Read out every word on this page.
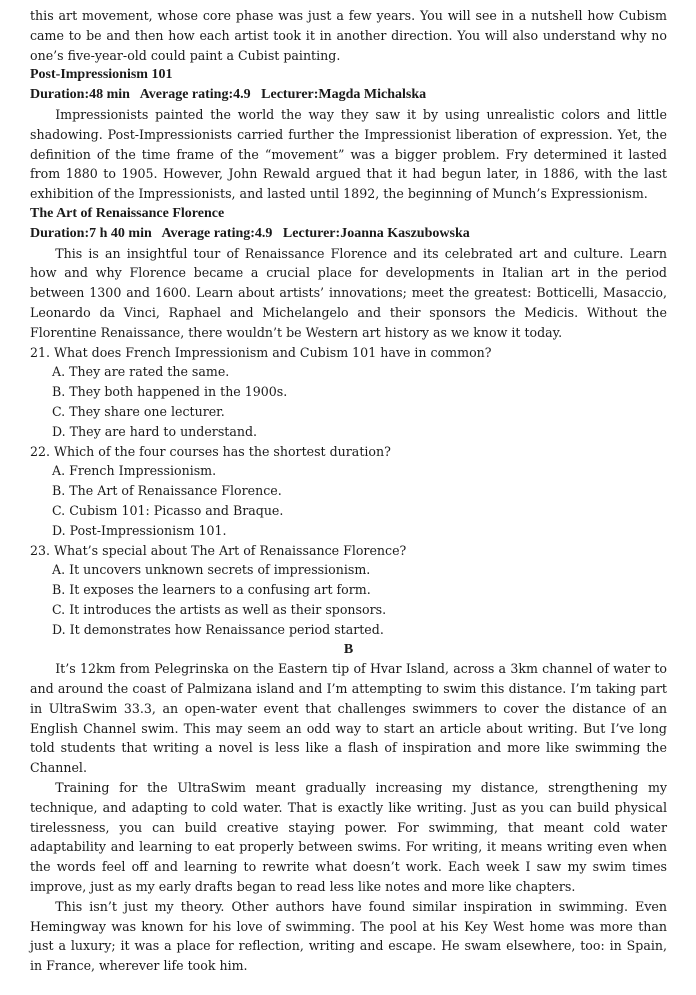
this art movement, whose core phase was just a few years. You will see in a nutshell how Cubism came to be and then how each artist took it in another direction. You will also understand why no one’s five-year-old could paint a Cubist painting.

Post-Impressionism 101
Duration:48 min Average rating:4.9 Lecturer:Magda Michalska

Impressionists painted the world the way they saw it by using unrealistic colors and little shadowing. Post-Impressionists carried further the Impressionist liberation of expression. Yet, the definition of the time frame of the “movement” was a bigger problem. Fry determined it lasted from 1880 to 1905. However, John Rewald argued that it had begun later, in 1886, with the last exhibition of the Impressionists, and lasted until 1892, the beginning of Munch’s Expressionism.

The Art of Renaissance Florence
Duration:7 h 40 min Average rating:4.9 Lecturer:Joanna Kaszubowska

This is an insightful tour of Renaissance Florence and its celebrated art and culture. Learn how and why Florence became a crucial place for developments in Italian art in the period between 1300 and 1600. Learn about artists’ innovations; meet the greatest: Botticelli, Masaccio, Leonardo da Vinci, Raphael and Michelangelo and their sponsors the Medicis. Without the Florentine Renaissance, there wouldn’t be Western art history as we know it today.

21. What does French Impressionism and Cubism 101 have in common?
A. They are rated the same.
B. They both happened in the 1900s.
C. They share one lecturer.
D. They are hard to understand.
22. Which of the four courses has the shortest duration?
A. French Impressionism.
B. The Art of Renaissance Florence.
C. Cubism 101: Picasso and Braque.
D. Post-Impressionism 101.
23. What’s special about The Art of Renaissance Florence?
A. It uncovers unknown secrets of impressionism.
B. It exposes the learners to a confusing art form.
C. It introduces the artists as well as their sponsors.
D. It demonstrates how Renaissance period started.
B

It’s 12km from Pelegrinska on the Eastern tip of Hvar Island, across a 3km channel of water to and around the coast of Palmizana island and I’m attempting to swim this distance. I’m taking part in UltraSwim 33.3, an open-water event that challenges swimmers to cover the distance of an English Channel swim. This may seem an odd way to start an article about writing. But I’ve long told students that writing a novel is less like a flash of inspiration and more like swimming the Channel.

Training for the UltraSwim meant gradually increasing my distance, strengthening my technique, and adapting to cold water. That is exactly like writing. Just as you can build physical tirelessness, you can build creative staying power. For swimming, that meant cold water adaptability and learning to eat properly between swims. For writing, it means writing even when the words feel off and learning to rewrite what doesn’t work. Each week I saw my swim times improve, just as my early drafts began to read less like notes and more like chapters.

This isn’t just my theory. Other authors have found similar inspiration in swimming. Even Hemingway was known for his love of swimming. The pool at his Key West home was more than just a luxury; it was a place for reflection, writing and escape. He swam elsewhere, too: in Spain, in France, wherever life took him.
